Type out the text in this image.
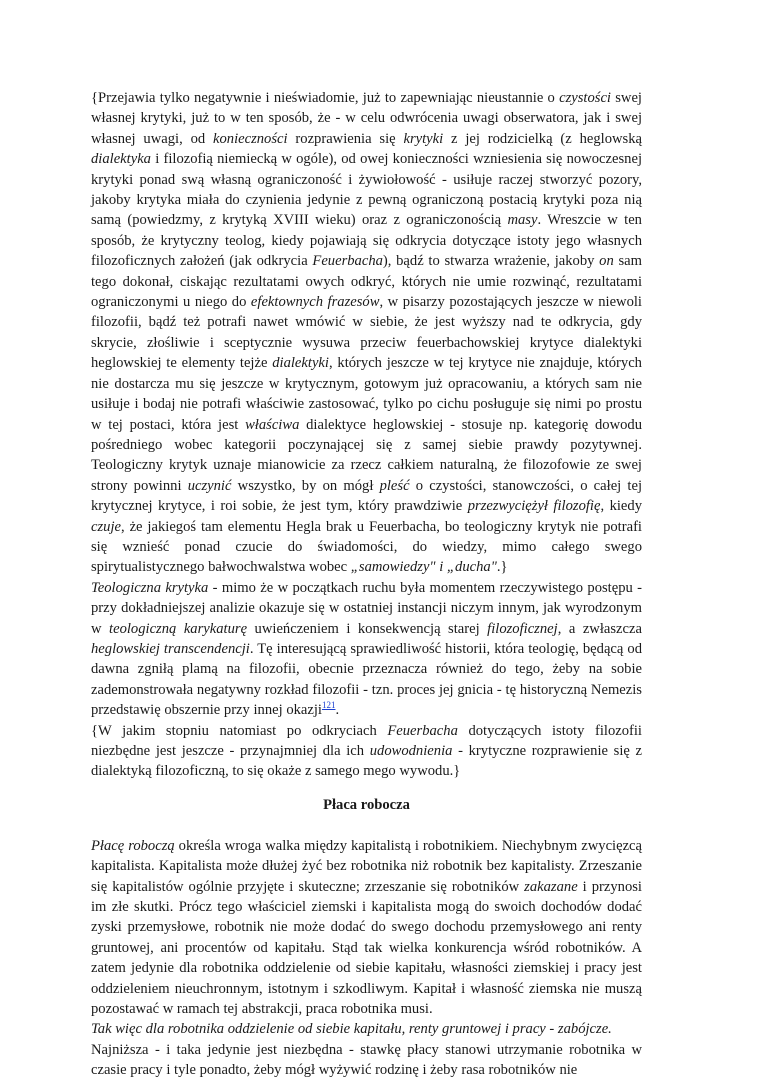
{Przejawia tylko negatywnie i nieświadomie, już to zapewniając nieustannie o czystości swej własnej krytyki, już to w ten sposób, że - w celu odwrócenia uwagi obserwatora, jak i swej własnej uwagi, od konieczności rozprawienia się krytyki z jej rodzicielką (z heglowską dialektyka i filozofią niemiecką w ogóle), od owej konieczności wzniesienia się nowoczesnej krytyki ponad swą własną ograniczoność i żywiołowość - usiłuje raczej stworzyć pozory, jakoby krytyka miała do czynienia jedynie z pewną ograniczoną postacią krytyki poza nią samą (powiedzmy, z krytyką XVIII wieku) oraz z ograniczonością masy. Wreszcie w ten sposób, że krytyczny teolog, kiedy pojawiają się odkrycia dotyczące istoty jego własnych filozoficznych założeń (jak odkrycia Feuerbacha), bądź to stwarza wrażenie, jakoby on sam tego dokonał, ciskając rezultatami owych odkryć, których nie umie rozwinąć, rezultatami ograniczonymi u niego do efektownych frazesów, w pisarzy pozostających jeszcze w niewoli filozofii, bądź też potrafi nawet wmówić w siebie, że jest wyższy nad te odkrycia, gdy skrycie, złośliwie i sceptycznie wysuwa przeciw feuerbachowskiej krytyce dialektyki heglowskiej te elementy tejże dialektyki, których jeszcze w tej krytyce nie znajduje, których nie dostarcza mu się jeszcze w krytycznym, gotowym już opracowaniu, a których sam nie usiłuje i bodaj nie potrafi właściwie zastosować, tylko po cichu posługuje się nimi po prostu w tej postaci, która jest właściwa dialektyce heglowskiej - stosuje np. kategorię dowodu pośredniego wobec kategorii poczynającej się z samej siebie prawdy pozytywnej. Teologiczny krytyk uznaje mianowicie za rzecz całkiem naturalną, że filozofowie ze swej strony powinni uczynić wszystko, by on mógł pleść o czystości, stanowczości, o całej tej krytycznej krytyce, i roi sobie, że jest tym, który prawdziwie przezwyciężył filozofię, kiedy czuje, że jakiegoś tam elementu Hegla brak u Feuerbacha, bo teologiczny krytyk nie potrafi się wznieść ponad czucie do świadomości, do wiedzy, mimo całego swego spirytualistycznego bałwochwalstwa wobec „samowiedzy" i „ducha".}

Teologiczna krytyka - mimo że w początkach ruchu była momentem rzeczywistego postępu - przy dokładniejszej analizie okazuje się w ostatniej instancji niczym innym, jak wyrodzonym w teologiczną karykaturę uwieńczeniem i konsekwencją starej filozoficznej, a zwłaszcza heglowskiej transcendencji. Tę interesującą sprawiedliwość historii, która teologię, będącą od dawna zgniłą plamą na filozofii, obecnie przeznacza również do tego, żeby na sobie zademonstrowała negatywny rozkład filozofii - tzn. proces jej gnicia - tę historyczną Nemezis przedstawię obszernie przy innej okazji$^{121}$.

{W jakim stopniu natomiast po odkryciach Feuerbacha dotyczących istoty filozofii niezbędne jest jeszcze - przynajmniej dla ich udowodnienia - krytyczne rozprawienie się z dialektyką filozoficzną, to się okaże z samego mego wywodu.}

Płaca robocza

Płacę roboczą określa wroga walka między kapitalistą i robotnikiem. Niechybnym zwycięzcą kapitalista. Kapitalista może dłużej żyć bez robotnika niż robotnik bez kapitalisty. Zrzeszanie się kapitalistów ogólnie przyjęte i skuteczne; zrzeszanie się robotników zakazane i przynosi im złe skutki. Prócz tego właściciel ziemski i kapitalista mogą do swoich dochodów dodać zyski przemysłowe, robotnik nie może dodać do swego dochodu przemysłowego ani renty gruntowej, ani procentów od kapitału. Stąd tak wielka konkurencja wśród robotników. A zatem jedynie dla robotnika oddzielenie od siebie kapitału, własności ziemskiej i pracy jest oddzieleniem nieuchronnym, istotnym i szkodliwym. Kapitał i własność ziemska nie muszą pozostawać w ramach tej abstrakcji, praca robotnika musi.

Tak więc dla robotnika oddzielenie od siebie kapitału, renty gruntowej i pracy - zabójcze.

Najniższa - i taka jedynie jest niezbędna - stawkę płacy stanowi utrzymanie robotnika w czasie pracy i tyle ponadto, żeby mógł wyżywić rodzinę i żeby rasa robotników nie
